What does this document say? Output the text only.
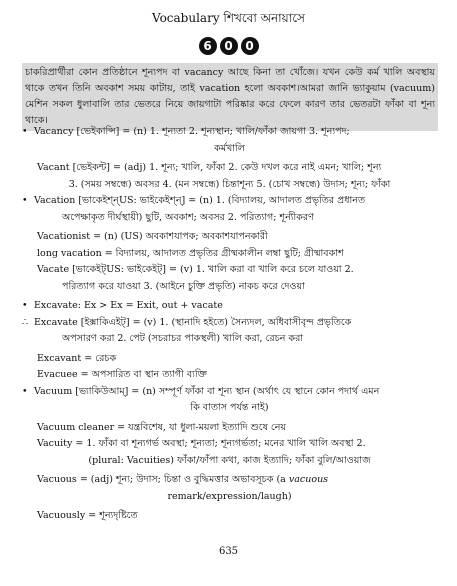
Vocabulary শিখবো অনায়াসে
6	0	0

চাকরিপ্রার্থীরা কোন প্রতিষ্ঠানে শূন্যপদ বা vacancy আছে কিনা তা খোঁজে। যখন কেউ কর্ম খালি অবস্থায় থাকে তখন তিনি অবকাশ সময় কাটায়, তাই vacation হলো অবকাশ।আমরা জানি ভ্যাকুয়াম (vacuum) মেশিন সকল ধুলাবালি তার ভেতরে নিয়ে জায়গাটা পরিষ্কার করে ফেলে কারণ তার ভেতরটা ফাঁকা বা শূন্য থাকে।

• Vacancy [ভেইকান্সি] = (n) 1. শূন্যতা 2. শূন্যস্থান; খালি/ফাঁকা জায়গা 3. শূন্যপদ;

কর্মখালি

Vacant [ভেইকন্ট] = (adj) 1. শূন্য; খালি, ফাঁকা 2. কেউ দখল করে নাই এমন; খালি; শূন্য

3. (সময় সম্বন্ধে) অবসর 4. (মন সম্বন্ধে) চিন্তাশূন্য 5. (চোখ সম্বন্ধে) উদাস; শূন্য; ফাঁকা

• Vacation [ভাকেইশ্‌ন্‌US: ভাইকেইশ্‌ন্‌] = (n) 1. (বিদ্যালয়, আদালত প্রভৃতির প্রধানত

অপেক্ষাকৃত দীর্ঘস্থায়ী) ছুটি, অবকাশ; অবসর 2. পরিত্যাগ; শূন্যীকরণ

Vacationist = (n) (US) অবকাশযাপক; অবকাশযাপনকারী

long vacation = বিদ্যালয়, আদালত প্রভৃতির গ্রীষ্মকালীন লম্বা ছুটি; গ্রীষ্মাবকাশ

Vacate [ভাকেইট্‌US: ভাইকেইট্‌] = (v) 1. খালি করা বা খালি করে চলে যাওয়া 2.

পরিত্যাগ করে যাওয়া 3. (আইনে চুক্তি প্রভৃতি) নাকচ করে দেওয়া

• Excavate: Ex > Ex = Exit, out + vacate

∴ Excavate [ইক্সাকিএইট্‌] = (v) 1. (স্থানাদি হইতে) সৈন্যদল, অধিবাসীবৃন্দ প্রভৃতিকে

অপসারণ করা 2. পেট (সচরাচর পাকস্থলী) খালি করা, রেচন করা

Excavant = রেচক

Evacuee = অপসারিত বা স্থান ত্যাগী ব্যক্তি

• Vacuum [ভ্যাকিউআম্‌] = (n) সম্পূর্ণ ফাঁকা বা শূন্য স্থান (অর্থাৎ যে স্থানে কোন পদার্থ এমন

কি বাতাস পর্যন্ত নাই)

Vacuum cleaner = যন্ত্রবিশেষ, যা ধুলা-ময়লা ইত্যাদি শুষে নেয়

Vacuity = 1. ফাঁকা বা শূন্যগর্ভ অবস্থা; শূন্যতা; শূন্যগর্ভতা; মনের খালি খালি অবস্থা 2.

(plural: Vacuities) ফাঁকা/ফাঁপা কথা, কাজ ইত্যাদি; ফাঁকা বুলি/আওয়াজ

Vacuous = (adj) শূন্য; উদাস; চিন্তা ও বুদ্ধিমত্তার অভাবসূচক (a vacuous

remark/expression/laugh)

Vacuously = শূন্যদৃষ্টিতে

635
